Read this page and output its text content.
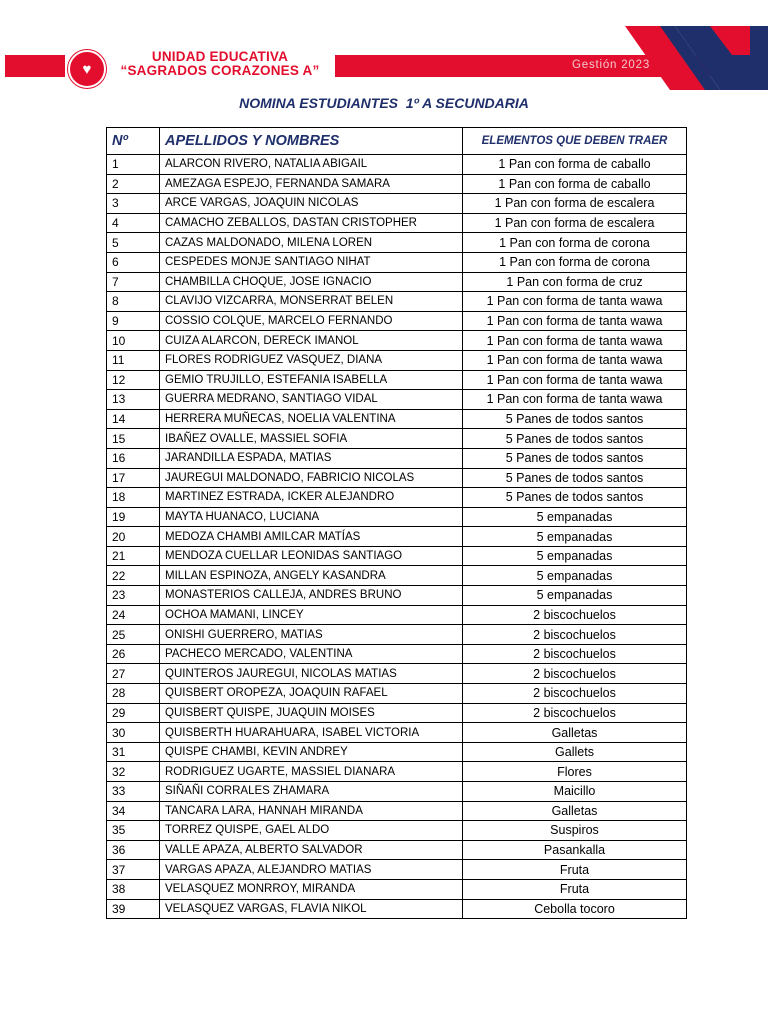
♥
UNIDAD EDUCATIVA
“SAGRADOS CORAZONES A”	Gestión 2023
NOMINA ESTUDIANTES  1º A SECUNDARIA
Nº	APELLIDOS Y NOMBRES	ELEMENTOS QUE DEBEN TRAER
1	ALARCON RIVERO, NATALIA ABIGAIL	1 Pan con forma de caballo
2	AMEZAGA ESPEJO, FERNANDA SAMARA	1 Pan con forma de caballo
3	ARCE VARGAS, JOAQUIN NICOLAS	1 Pan con forma de escalera
4	CAMACHO ZEBALLOS, DASTAN CRISTOPHER	1 Pan con forma de escalera
5	CAZAS MALDONADO, MILENA LOREN	1 Pan con forma de corona
6	CESPEDES MONJE SANTIAGO NIHAT	1 Pan con forma de corona
7	CHAMBILLA CHOQUE, JOSE IGNACIO	1 Pan con forma de cruz
8	CLAVIJO VIZCARRA, MONSERRAT BELEN	1 Pan con forma de tanta wawa
9	COSSIO COLQUE, MARCELO FERNANDO	1 Pan con forma de tanta wawa
10	CUIZA ALARCON, DERECK IMANOL	1 Pan con forma de tanta wawa
11	FLORES RODRIGUEZ VASQUEZ, DIANA	1 Pan con forma de tanta wawa
12	GEMIO TRUJILLO, ESTEFANIA ISABELLA	1 Pan con forma de tanta wawa
13	GUERRA MEDRANO, SANTIAGO VIDAL	1 Pan con forma de tanta wawa
14	HERRERA MUÑECAS, NOELIA VALENTINA	5 Panes de todos santos
15	IBAÑEZ OVALLE, MASSIEL SOFIA	5 Panes de todos santos
16	JARANDILLA ESPADA, MATIAS	5 Panes de todos santos
17	JAUREGUI MALDONADO, FABRICIO NICOLAS	5 Panes de todos santos
18	MARTINEZ ESTRADA, ICKER ALEJANDRO	5 Panes de todos santos
19	MAYTA HUANACO, LUCIANA	5 empanadas
20	MEDOZA CHAMBI AMILCAR MATÍAS	5 empanadas
21	MENDOZA CUELLAR LEONIDAS SANTIAGO	5 empanadas
22	MILLAN ESPINOZA, ANGELY KASANDRA	5 empanadas
23	MONASTERIOS CALLEJA, ANDRES BRUNO	5 empanadas
24	OCHOA MAMANI, LINCEY	2 biscochuelos
25	ONISHI GUERRERO, MATIAS	2 biscochuelos
26	PACHECO MERCADO, VALENTINA	2 biscochuelos
27	QUINTEROS JAUREGUI, NICOLAS MATIAS	2 biscochuelos
28	QUISBERT OROPEZA, JOAQUIN RAFAEL	2 biscochuelos
29	QUISBERT QUISPE, JUAQUIN MOISES	2 biscochuelos
30	QUISBERTH HUARAHUARA, ISABEL VICTORIA	Galletas
31	QUISPE CHAMBI, KEVIN ANDREY	Gallets
32	RODRIGUEZ UGARTE, MASSIEL DIANARA	Flores
33	SIÑAÑI CORRALES ZHAMARA	Maicillo
34	TANCARA LARA, HANNAH MIRANDA	Galletas
35	TORREZ QUISPE, GAEL ALDO	Suspiros
36	VALLE APAZA, ALBERTO SALVADOR	Pasankalla
37	VARGAS APAZA, ALEJANDRO MATIAS	Fruta
38	VELASQUEZ MONRROY, MIRANDA	Fruta
39	VELASQUEZ VARGAS, FLAVIA NIKOL	Cebolla tocoro
